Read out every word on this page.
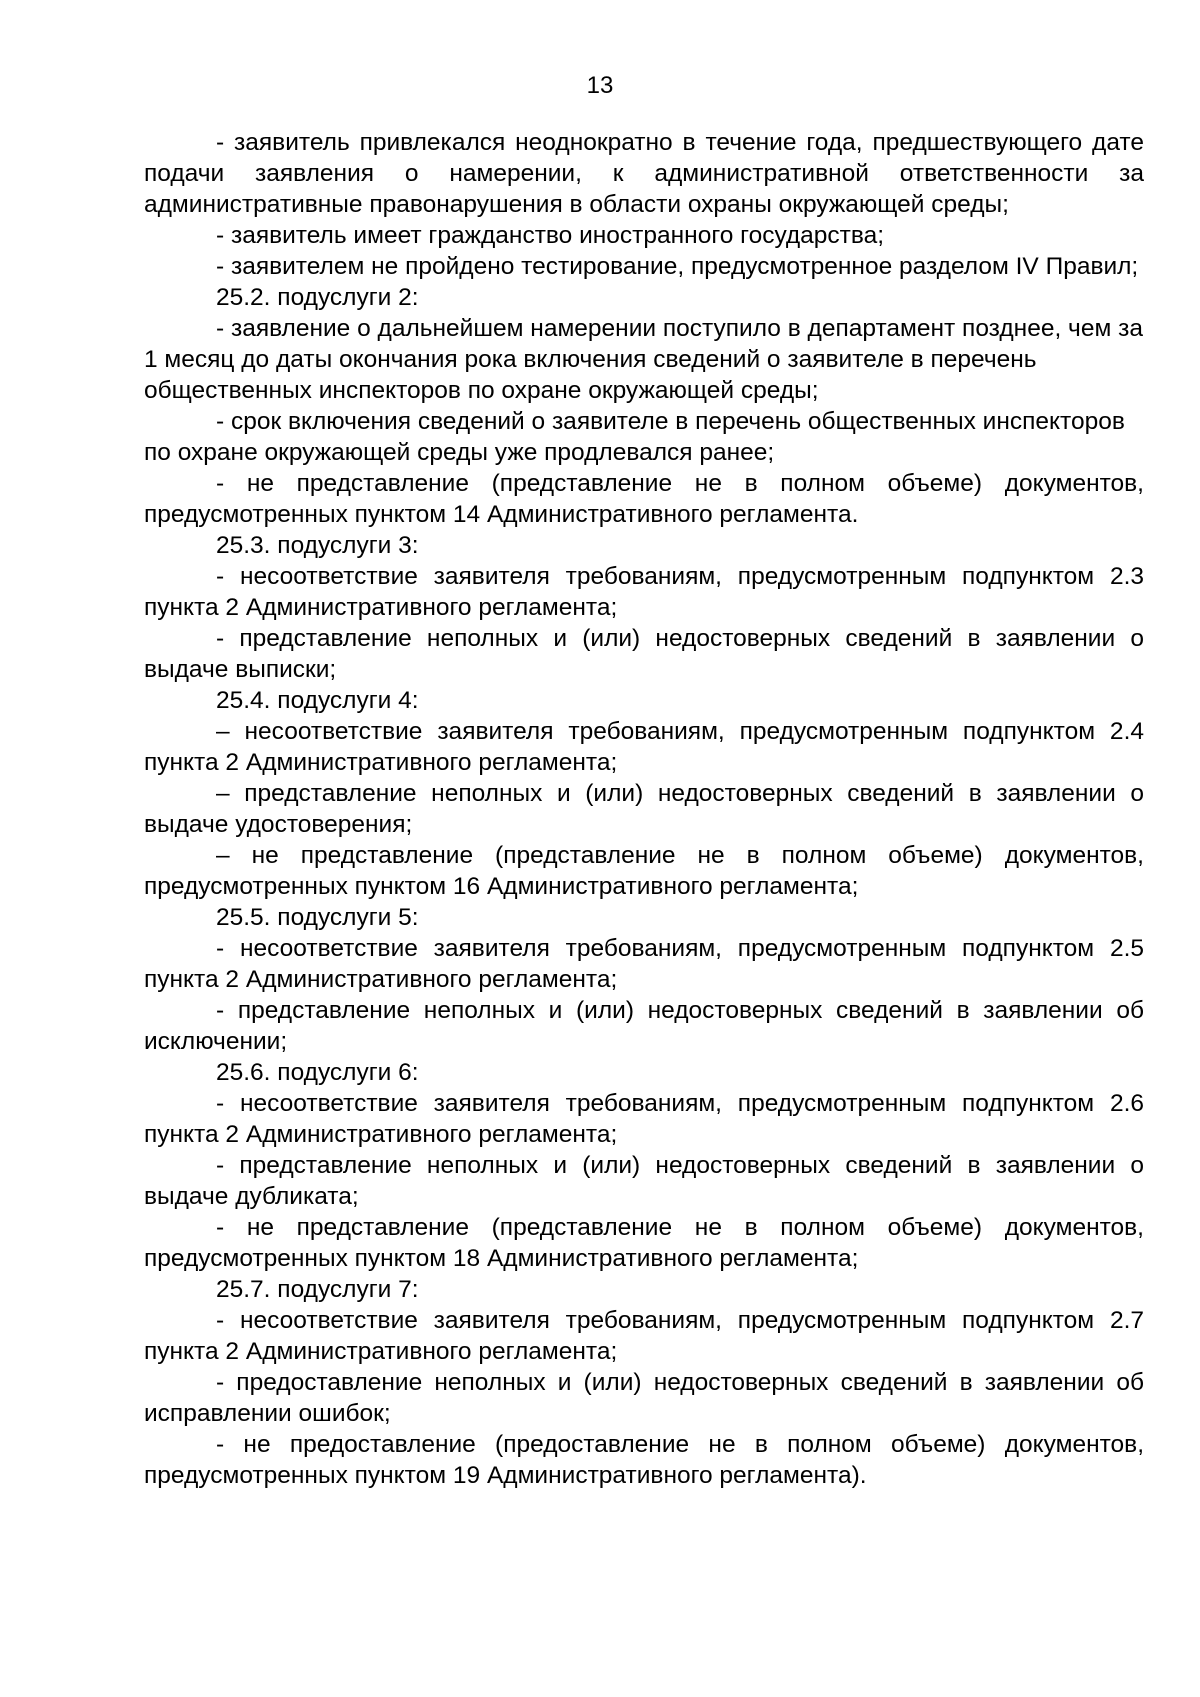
13

- заявитель привлекался неоднократно в течение года, предшествующего дате подачи заявления о намерении, к административной ответственности за административные правонарушения в области охраны окружающей среды;

- заявитель имеет гражданство иностранного государства;

- заявителем не пройдено тестирование, предусмотренное разделом IV Правил;

25.2. подуслуги 2:

- заявление о дальнейшем намерении поступило в департамент позднее, чем за 1 месяц до даты окончания рока включения сведений о заявителе в перечень общественных инспекторов по охране окружающей среды;

- срок включения сведений о заявителе в перечень общественных инспекторов по охране окружающей среды уже продлевался ранее;

- не представление (представление не в полном объеме) документов, предусмотренных пунктом 14 Административного регламента.

25.3. подуслуги 3:

- несоответствие заявителя требованиям, предусмотренным подпунктом 2.3 пункта 2 Административного регламента;

- представление неполных и (или) недостоверных сведений в заявлении о выдаче выписки;

25.4. подуслуги 4:

– несоответствие заявителя требованиям, предусмотренным подпунктом 2.4 пункта 2 Административного регламента;

– представление неполных и (или) недостоверных сведений в заявлении о выдаче удостоверения;

– не представление (представление не в полном объеме) документов, предусмотренных пунктом 16 Административного регламента;

25.5. подуслуги 5:

- несоответствие заявителя требованиям, предусмотренным подпунктом 2.5 пункта 2 Административного регламента;

- представление неполных и (или) недостоверных сведений в заявлении об исключении;

25.6. подуслуги 6:

- несоответствие заявителя требованиям, предусмотренным подпунктом 2.6 пункта 2 Административного регламента;

- представление неполных и (или) недостоверных сведений в заявлении о выдаче дубликата;

- не представление (представление не в полном объеме) документов, предусмотренных пунктом 18 Административного регламента;

25.7. подуслуги 7:

- несоответствие заявителя требованиям, предусмотренным подпунктом 2.7 пункта 2 Административного регламента;

- предоставление неполных и (или) недостоверных сведений в заявлении об исправлении ошибок;

- не предоставление (предоставление не в полном объеме) документов, предусмотренных пунктом 19 Административного регламента).
